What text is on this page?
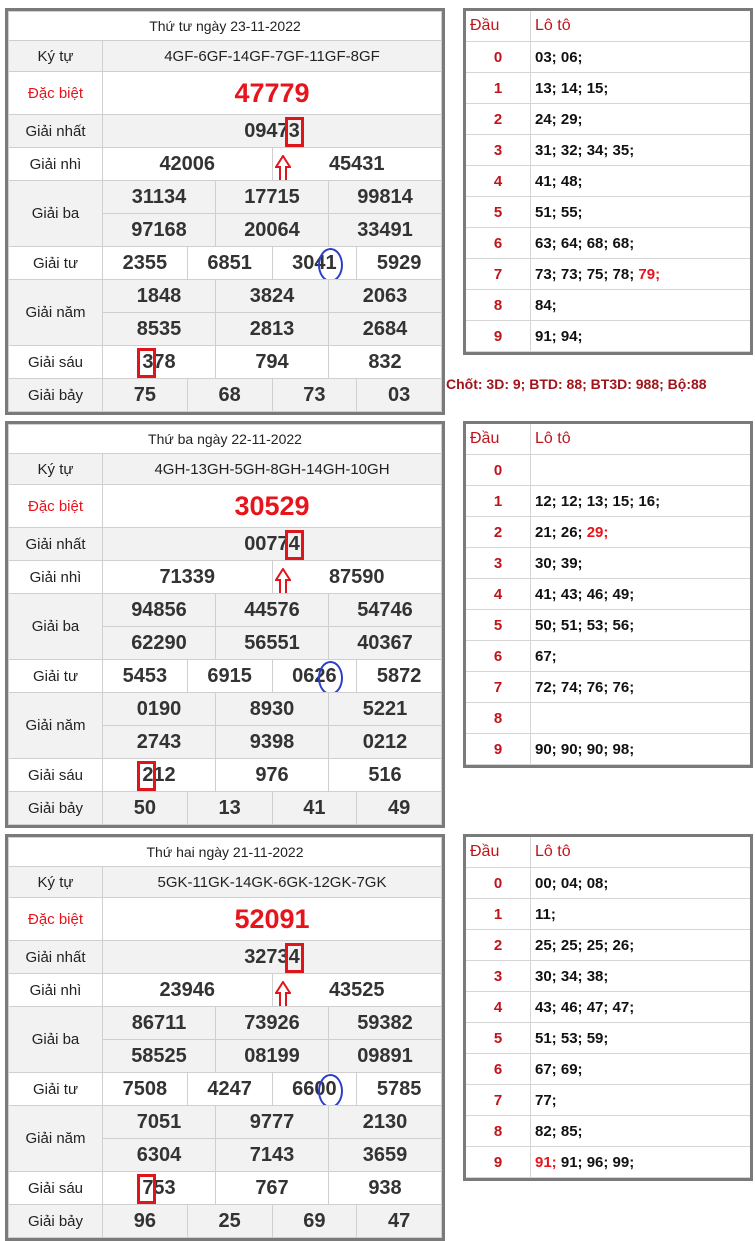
Thứ tư ngày 23-11-2022						
Ký tự	4GF-6GF-14GF-7GF-11GF-8GF					
Đặc biệt	47779					
Giải nhất	09473					

Giải nhì	42006			45431		

Giải ba	31134		17715		99814	
	97168		20064		33491	
Giải tư	2355	6851		3041		5929
Giải năm	1848		3824		2063	
	8535		2813		2684	
Giải sáu	378		794		832	
Giải bảy	75	68		73		03
Đầu	Lô tô
0	03; 06;
1	13; 14; 15;
2	24; 29;
3	31; 32; 34; 35;
4	41; 48;
5	51; 55;
6	63; 64; 68; 68;
7	73; 73; 75; 78; 79;
8	84;
9	91; 94;
Thứ ba ngày 22-11-2022						
Ký tự	4GH-13GH-5GH-8GH-14GH-10GH					
Đặc biệt	30529					
Giải nhất	00774					

Giải nhì	71339			87590		

Giải ba	94856		44576		54746	
	62290		56551		40367	
Giải tư	5453	6915		0626		5872
Giải năm	0190		8930		5221	
	2743		9398		0212	
Giải sáu	212		976		516	
Giải bảy	50	13		41		49
Đầu	Lô tô
0	
1	12; 12; 13; 15; 16;
2	21; 26; 29;
3	30; 39;
4	41; 43; 46; 49;
5	50; 51; 53; 56;
6	67;
7	72; 74; 76; 76;
8	
9	90; 90; 90; 98;
Thứ hai ngày 21-11-2022						
Ký tự	5GK-11GK-14GK-6GK-12GK-7GK					
Đặc biệt	52091					
Giải nhất	32734					

Giải nhì	23946			43525		

Giải ba	86711		73926		59382	
	58525		08199		09891	
Giải tư	7508	4247		6600		5785
Giải năm	7051		9777		2130	
	6304		7143		3659	
Giải sáu	753		767		938	
Giải bảy	96	25		69		47
Đầu	Lô tô
0	00; 04; 08;
1	11;
2	25; 25; 25; 26;
3	30; 34; 38;
4	43; 46; 47; 47;
5	51; 53; 59;
6	67; 69;
7	77;
8	82; 85;
9	91; 91; 96; 99;
Chốt: 3D: 9; BTD: 88; BT3D: 988; Bộ:88
